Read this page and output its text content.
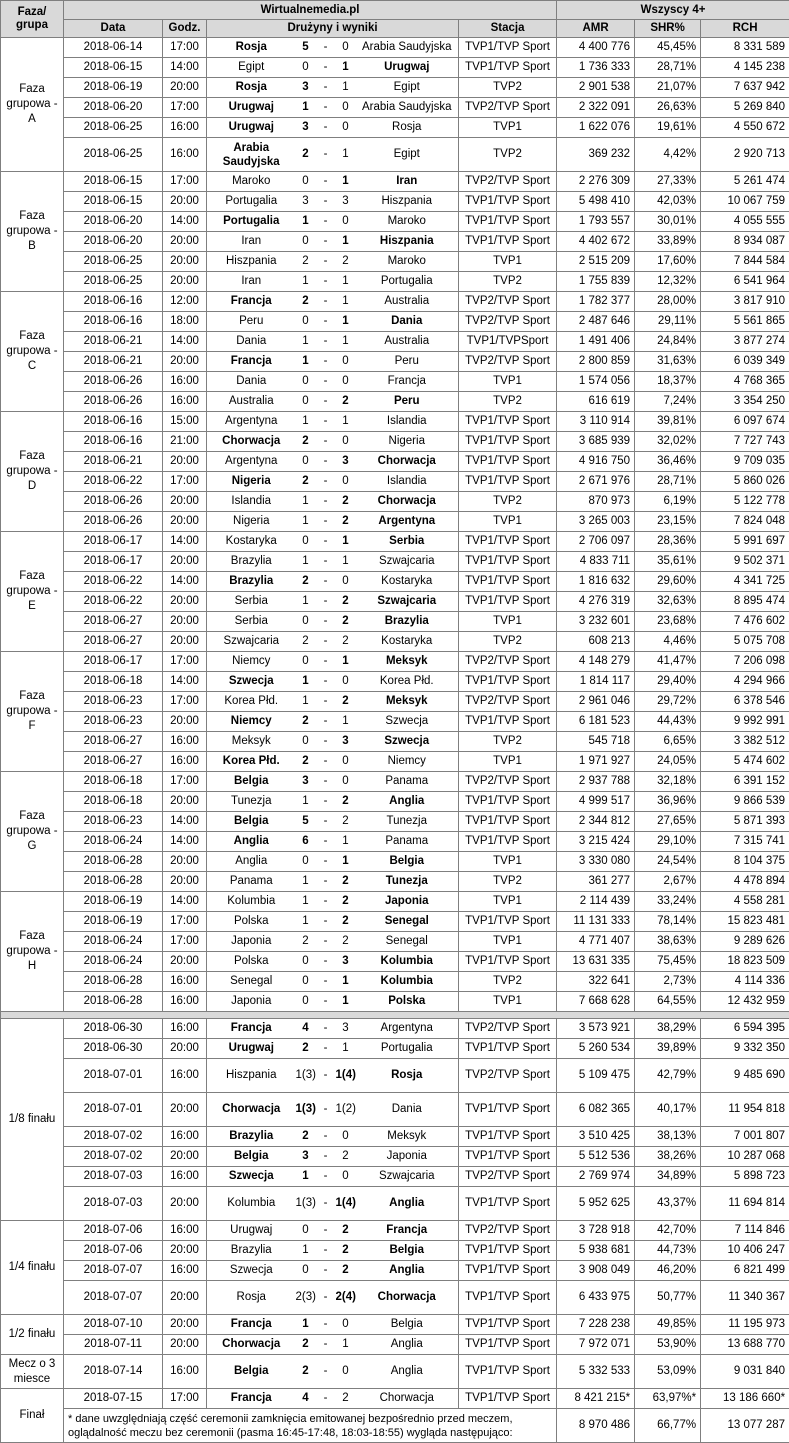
Faza/
grupa	Wirtualnemedia.pl								Wszyscy 4+		
	Data	Godz.	Drużyny i wyniki					Stacja	AMR	SHR%	RCH
Faza grupowa - A	2018-06-14	17:00	Rosja	5	-	0	Arabia Saudyjska	TVP1/TVP Sport	4 400 776	45,45%	8 331 589
	2018-06-15	14:00	Egipt	0	-	1	Urugwaj	TVP1/TVP Sport	1 736 333	28,71%	4 145 238
	2018-06-19	20:00	Rosja	3	-	1	Egipt	TVP2	2 901 538	21,07%	7 637 942
	2018-06-20	17:00	Urugwaj	1	-	0	Arabia Saudyjska	TVP2/TVP Sport	2 322 091	26,63%	5 269 840
	2018-06-25	16:00	Urugwaj	3	-	0	Rosja	TVP1	1 622 076	19,61%	4 550 672
	2018-06-25	16:00	Arabia Saudyjska	2	-	1	Egipt	TVP2	369 232	4,42%	2 920 713
Faza grupowa - B	2018-06-15	17:00	Maroko	0	-	1	Iran	TVP2/TVP Sport	2 276 309	27,33%	5 261 474
	2018-06-15	20:00	Portugalia	3	-	3	Hiszpania	TVP1/TVP Sport	5 498 410	42,03%	10 067 759
	2018-06-20	14:00	Portugalia	1	-	0	Maroko	TVP1/TVP Sport	1 793 557	30,01%	4 055 555
	2018-06-20	20:00	Iran	0	-	1	Hiszpania	TVP1/TVP Sport	4 402 672	33,89%	8 934 087
	2018-06-25	20:00	Hiszpania	2	-	2	Maroko	TVP1	2 515 209	17,60%	7 844 584
	2018-06-25	20:00	Iran	1	-	1	Portugalia	TVP2	1 755 839	12,32%	6 541 964
Faza grupowa - C	2018-06-16	12:00	Francja	2	-	1	Australia	TVP2/TVP Sport	1 782 377	28,00%	3 817 910
	2018-06-16	18:00	Peru	0	-	1	Dania	TVP2/TVP Sport	2 487 646	29,11%	5 561 865
	2018-06-21	14:00	Dania	1	-	1	Australia	TVP1/TVPSport	1 491 406	24,84%	3 877 274
	2018-06-21	20:00	Francja	1	-	0	Peru	TVP2/TVP Sport	2 800 859	31,63%	6 039 349
	2018-06-26	16:00	Dania	0	-	0	Francja	TVP1	1 574 056	18,37%	4 768 365
	2018-06-26	16:00	Australia	0	-	2	Peru	TVP2	616 619	7,24%	3 354 250
Faza grupowa - D	2018-06-16	15:00	Argentyna	1	-	1	Islandia	TVP1/TVP Sport	3 110 914	39,81%	6 097 674
	2018-06-16	21:00	Chorwacja	2	-	0	Nigeria	TVP1/TVP Sport	3 685 939	32,02%	7 727 743
	2018-06-21	20:00	Argentyna	0	-	3	Chorwacja	TVP1/TVP Sport	4 916 750	36,46%	9 709 035
	2018-06-22	17:00	Nigeria	2	-	0	Islandia	TVP1/TVP Sport	2 671 976	28,71%	5 860 026
	2018-06-26	20:00	Islandia	1	-	2	Chorwacja	TVP2	870 973	6,19%	5 122 778
	2018-06-26	20:00	Nigeria	1	-	2	Argentyna	TVP1	3 265 003	23,15%	7 824 048
Faza grupowa - E	2018-06-17	14:00	Kostaryka	0	-	1	Serbia	TVP1/TVP Sport	2 706 097	28,36%	5 991 697
	2018-06-17	20:00	Brazylia	1	-	1	Szwajcaria	TVP1/TVP Sport	4 833 711	35,61%	9 502 371
	2018-06-22	14:00	Brazylia	2	-	0	Kostaryka	TVP1/TVP Sport	1 816 632	29,60%	4 341 725
	2018-06-22	20:00	Serbia	1	-	2	Szwajcaria	TVP1/TVP Sport	4 276 319	32,63%	8 895 474
	2018-06-27	20:00	Serbia	0	-	2	Brazylia	TVP1	3 232 601	23,68%	7 476 602
	2018-06-27	20:00	Szwajcaria	2	-	2	Kostaryka	TVP2	608 213	4,46%	5 075 708
Faza grupowa - F	2018-06-17	17:00	Niemcy	0	-	1	Meksyk	TVP2/TVP Sport	4 148 279	41,47%	7 206 098
	2018-06-18	14:00	Szwecja	1	-	0	Korea Płd.	TVP1/TVP Sport	1 814 117	29,40%	4 294 966
	2018-06-23	17:00	Korea Płd.	1	-	2	Meksyk	TVP2/TVP Sport	2 961 046	29,72%	6 378 546
	2018-06-23	20:00	Niemcy	2	-	1	Szwecja	TVP1/TVP Sport	6 181 523	44,43%	9 992 991
	2018-06-27	16:00	Meksyk	0	-	3	Szwecja	TVP2	545 718	6,65%	3 382 512
	2018-06-27	16:00	Korea Płd.	2	-	0	Niemcy	TVP1	1 971 927	24,05%	5 474 602
Faza grupowa - G	2018-06-18	17:00	Belgia	3	-	0	Panama	TVP2/TVP Sport	2 937 788	32,18%	6 391 152
	2018-06-18	20:00	Tunezja	1	-	2	Anglia	TVP1/TVP Sport	4 999 517	36,96%	9 866 539
	2018-06-23	14:00	Belgia	5	-	2	Tunezja	TVP1/TVP Sport	2 344 812	27,65%	5 871 393
	2018-06-24	14:00	Anglia	6	-	1	Panama	TVP1/TVP Sport	3 215 424	29,10%	7 315 741
	2018-06-28	20:00	Anglia	0	-	1	Belgia	TVP1	3 330 080	24,54%	8 104 375
	2018-06-28	20:00	Panama	1	-	2	Tunezja	TVP2	361 277	2,67%	4 478 894
Faza grupowa - H	2018-06-19	14:00	Kolumbia	1	-	2	Japonia	TVP1	2 114 439	33,24%	4 558 281
	2018-06-19	17:00	Polska	1	-	2	Senegal	TVP1/TVP Sport	11 131 333	78,14%	15 823 481
	2018-06-24	17:00	Japonia	2	-	2	Senegal	TVP1	4 771 407	38,63%	9 289 626
	2018-06-24	20:00	Polska	0	-	3	Kolumbia	TVP1/TVP Sport	13 631 335	75,45%	18 823 509
	2018-06-28	16:00	Senegal	0	-	1	Kolumbia	TVP2	322 641	2,73%	4 114 336
	2018-06-28	16:00	Japonia	0	-	1	Polska	TVP1	7 668 628	64,55%	12 432 959

1/8 finału	2018-06-30	16:00	Francja	4	-	3	Argentyna	TVP2/TVP Sport	3 573 921	38,29%	6 594 395
	2018-06-30	20:00	Urugwaj	2	-	1	Portugalia	TVP1/TVP Sport	5 260 534	39,89%	9 332 350
	2018-07-01	16:00	Hiszpania	1(3)	-	1(4)	Rosja	TVP2/TVP Sport	5 109 475	42,79%	9 485 690
	2018-07-01	20:00	Chorwacja	1(3)	-	1(2)	Dania	TVP1/TVP Sport	6 082 365	40,17%	11 954 818
	2018-07-02	16:00	Brazylia	2	-	0	Meksyk	TVP1/TVP Sport	3 510 425	38,13%	7 001 807
	2018-07-02	20:00	Belgia	3	-	2	Japonia	TVP1/TVP Sport	5 512 536	38,26%	10 287 068
	2018-07-03	16:00	Szwecja	1	-	0	Szwajcaria	TVP2/TVP Sport	2 769 974	34,89%	5 898 723
	2018-07-03	20:00	Kolumbia	1(3)	-	1(4)	Anglia	TVP1/TVP Sport	5 952 625	43,37%	11 694 814
1/4 finału	2018-07-06	16:00	Urugwaj	0	-	2	Francja	TVP2/TVP Sport	3 728 918	42,70%	7 114 846
	2018-07-06	20:00	Brazylia	1	-	2	Belgia	TVP1/TVP Sport	5 938 681	44,73%	10 406 247
	2018-07-07	16:00	Szwecja	0	-	2	Anglia	TVP1/TVP Sport	3 908 049	46,20%	6 821 499
	2018-07-07	20:00	Rosja	2(3)	-	2(4)	Chorwacja	TVP1/TVP Sport	6 433 975	50,77%	11 340 367
1/2 finału	2018-07-10	20:00	Francja	1	-	0	Belgia	TVP1/TVP Sport	7 228 238	49,85%	11 195 973
	2018-07-11	20:00	Chorwacja	2	-	1	Anglia	TVP1/TVP Sport	7 972 071	53,90%	13 688 770
Mecz o 3 miesce	2018-07-14	16:00	Belgia	2	-	0	Anglia	TVP1/TVP Sport	5 332 533	53,09%	9 031 840
Finał	2018-07-15	17:00	Francja	4	-	2	Chorwacja	TVP1/TVP Sport	8 421 215*	63,97%*	13 186 660*
	* dane uwzględniają część ceremonii zamknięcia emitowanej bezpośrednio przed meczem, oglądalność meczu bez ceremonii (pasma 16:45-17:48, 18:03-18:55) wygląda następująco:								8 970 486	66,77%	13 077 287
